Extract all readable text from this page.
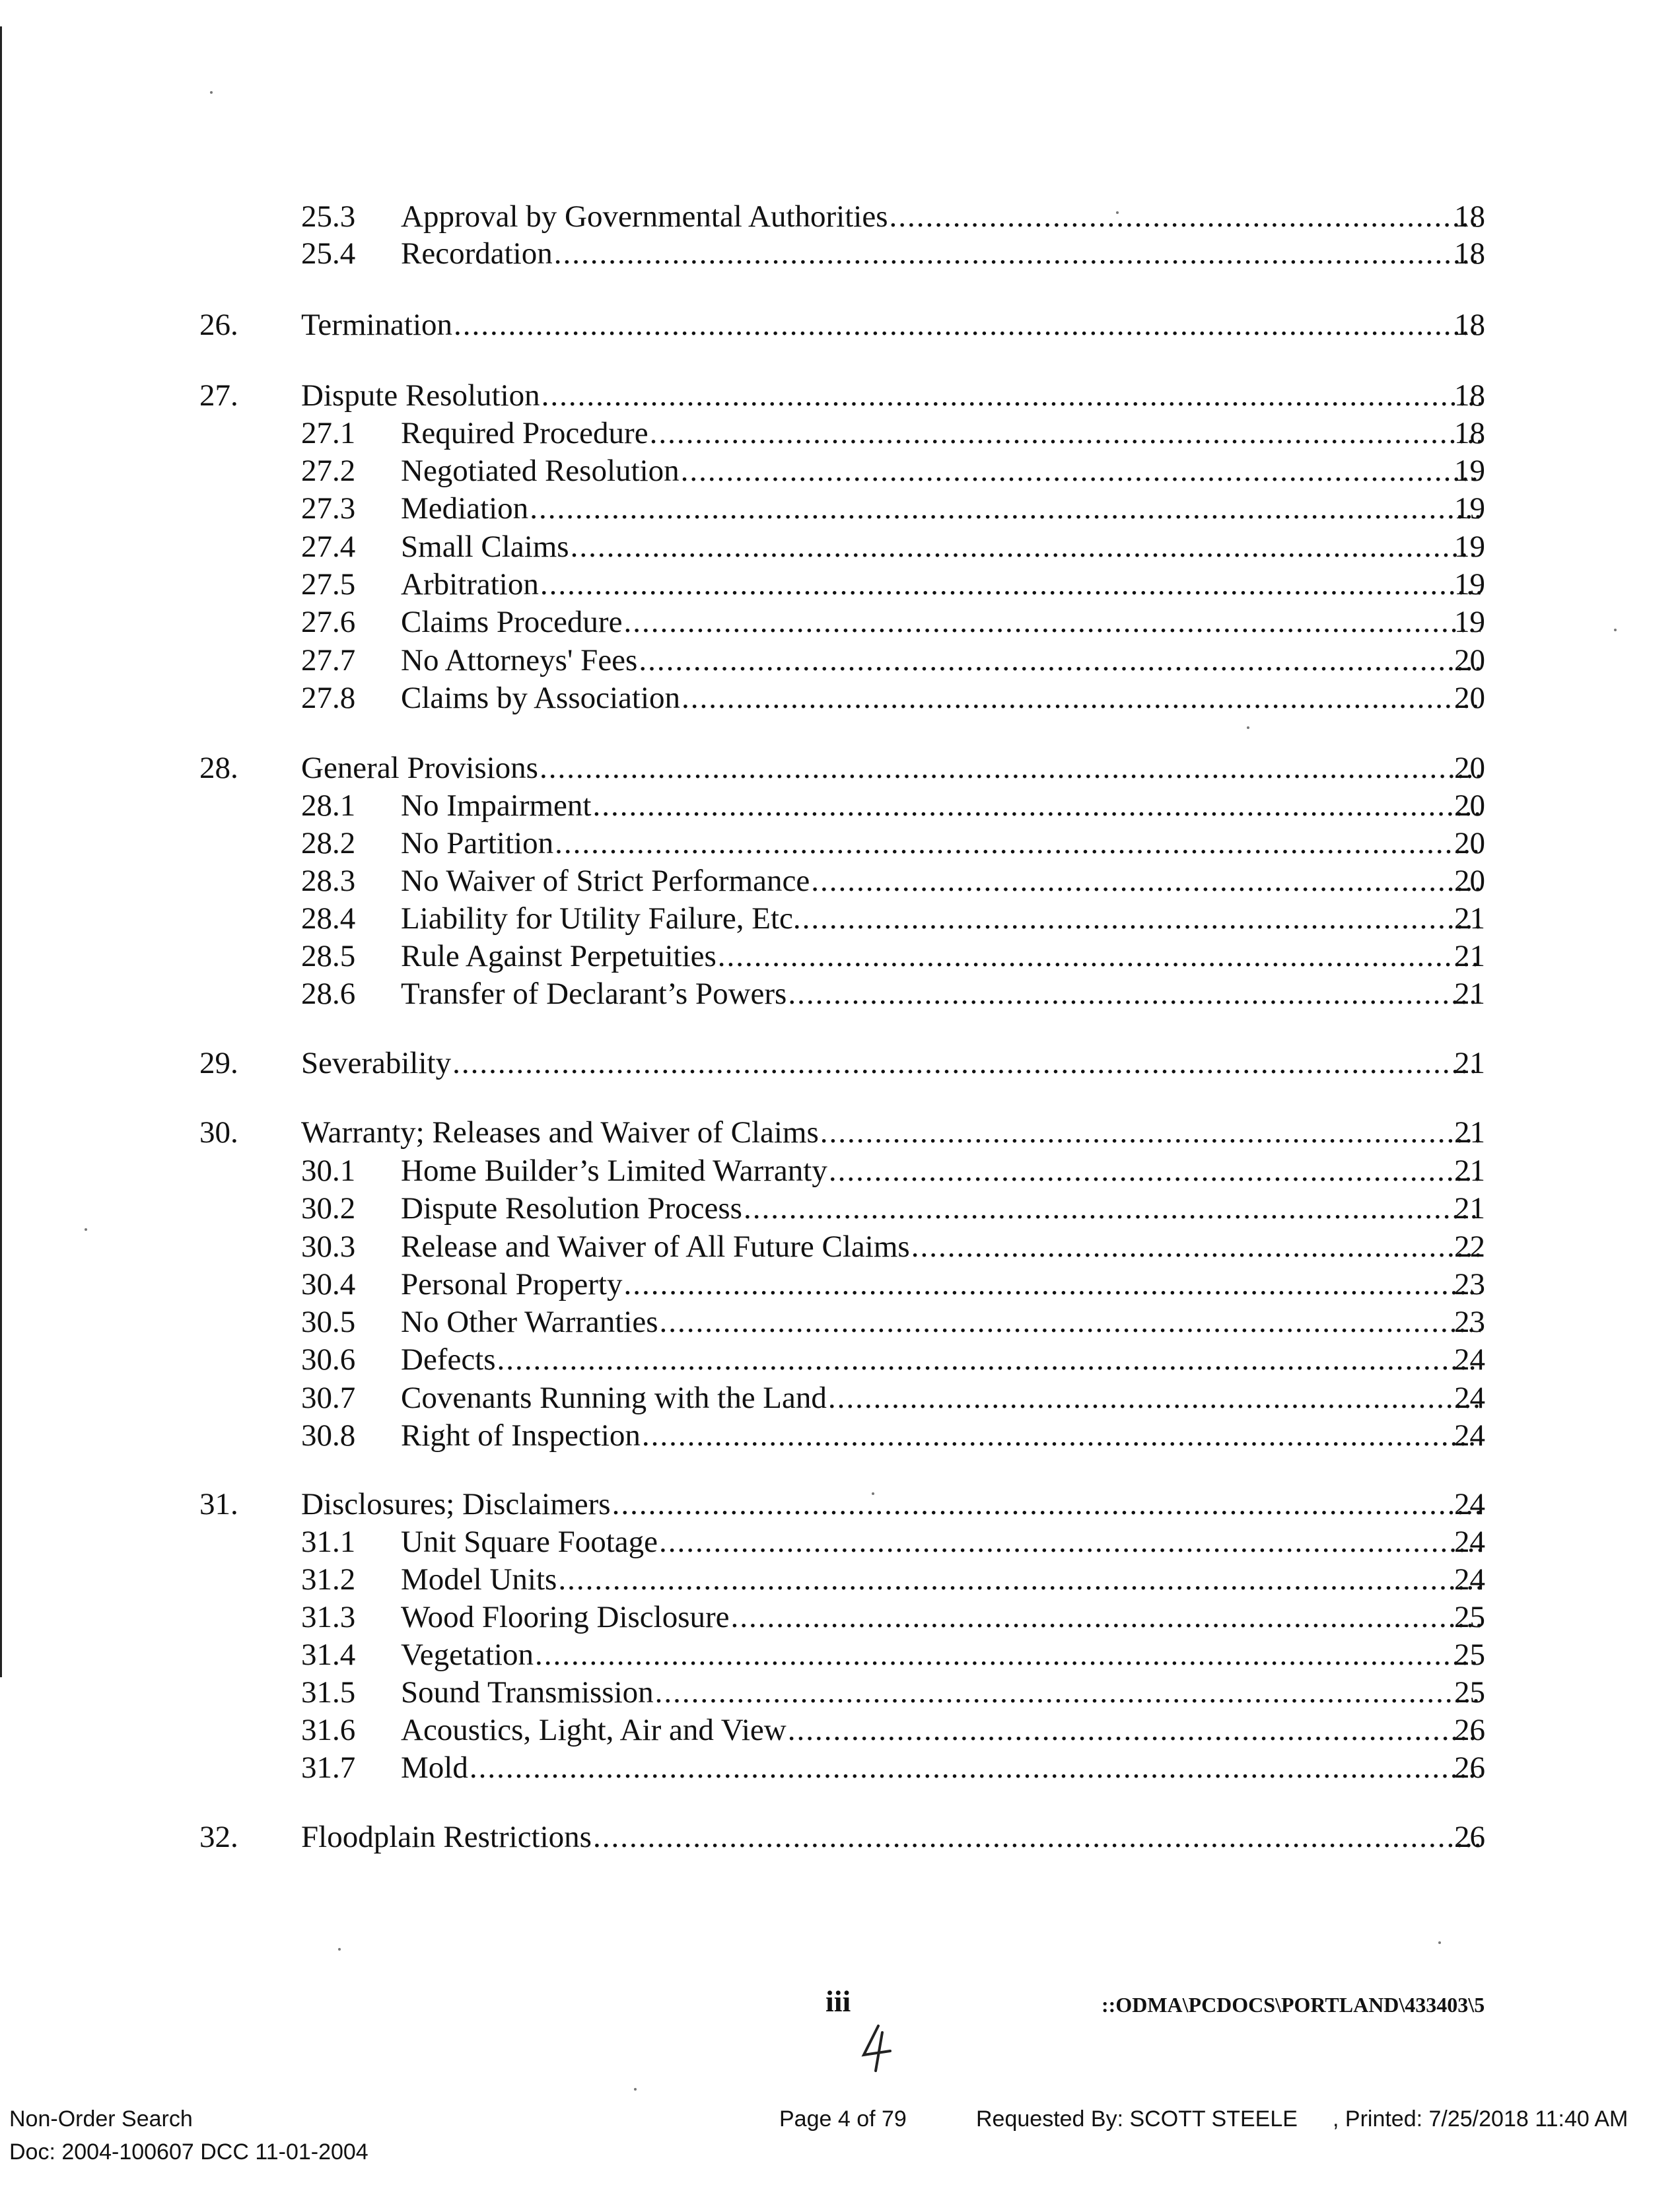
25.3 Approval by Governmental Authorities .....	18
25.4 Recordation .....	18
26. Termination .....	18
27. Dispute Resolution .....	18
27.1 Required Procedure .....	18
27.2 Negotiated Resolution .....	19
27.3 Mediation .....	19
27.4 Small Claims .....	19
27.5 Arbitration .....	19
27.6 Claims Procedure .....	19
27.7 No Attorneys' Fees .....	20
27.8 Claims by Association .....	20
28. General Provisions .....	20
28.1 No Impairment .....	20
28.2 No Partition .....	20
28.3 No Waiver of Strict Performance .....	20
28.4 Liability for Utility Failure, Etc. .....	21
28.5 Rule Against Perpetuities .....	21
28.6 Transfer of Declarant’s Powers .....	21
29. Severability .....	21
30. Warranty; Releases and Waiver of Claims .....	21
30.1 Home Builder’s Limited Warranty .....	21
30.2 Dispute Resolution Process .....	21
30.3 Release and Waiver of All Future Claims .....	22
30.4 Personal Property .....	23
30.5 No Other Warranties .....	23
30.6 Defects .....	24
30.7 Covenants Running with the Land .....	24
30.8 Right of Inspection .....	24
31. Disclosures; Disclaimers .....	24
31.1 Unit Square Footage .....	24
31.2 Model Units .....	24
31.3 Wood Flooring Disclosure .....	25
31.4 Vegetation .....	25
31.5 Sound Transmission .....	25
31.6 Acoustics, Light, Air and View .....	26
31.7 Mold .....	26
32. Floodplain Restrictions .....	26
iii	::ODMA\PCDOCS\PORTLAND\433403\5
Non-Order Search
Doc: 2004-100607 DCC 11-01-2004
Page 4 of 79	Requested By: SCOTT STEELE , Printed: 7/25/2018 11:40 AM
